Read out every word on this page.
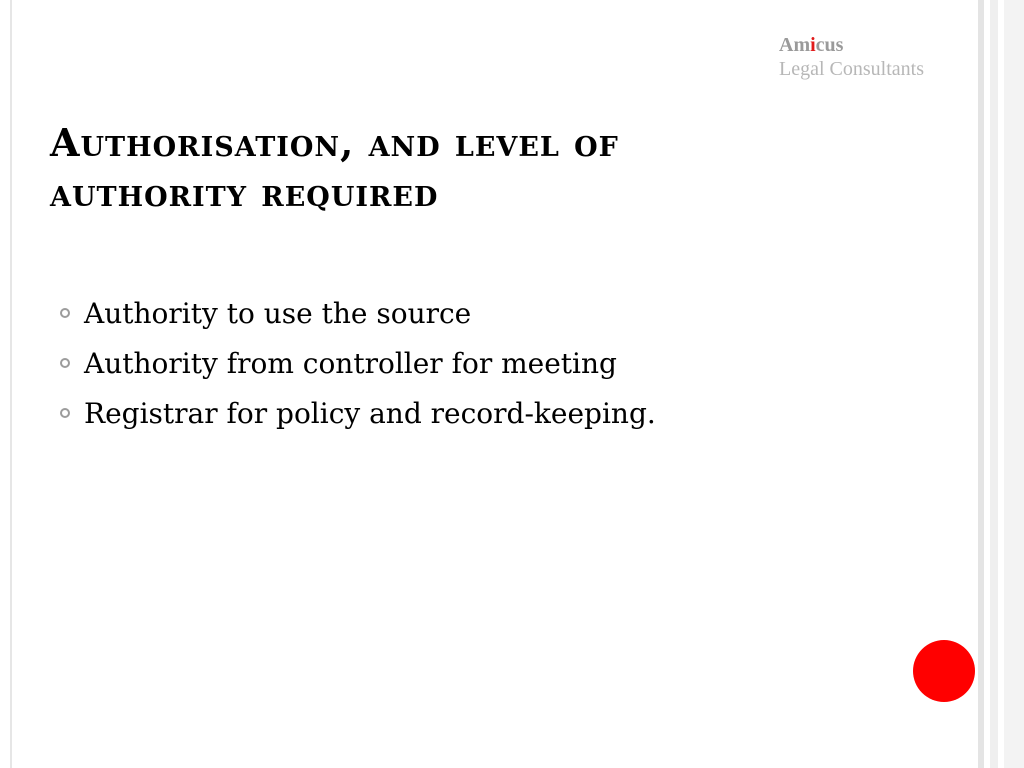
Amicus
Legal Consultants
Authorisation, and level of authority required
Authority to use the source
Authority from controller for meeting
Registrar for policy and record-keeping.
